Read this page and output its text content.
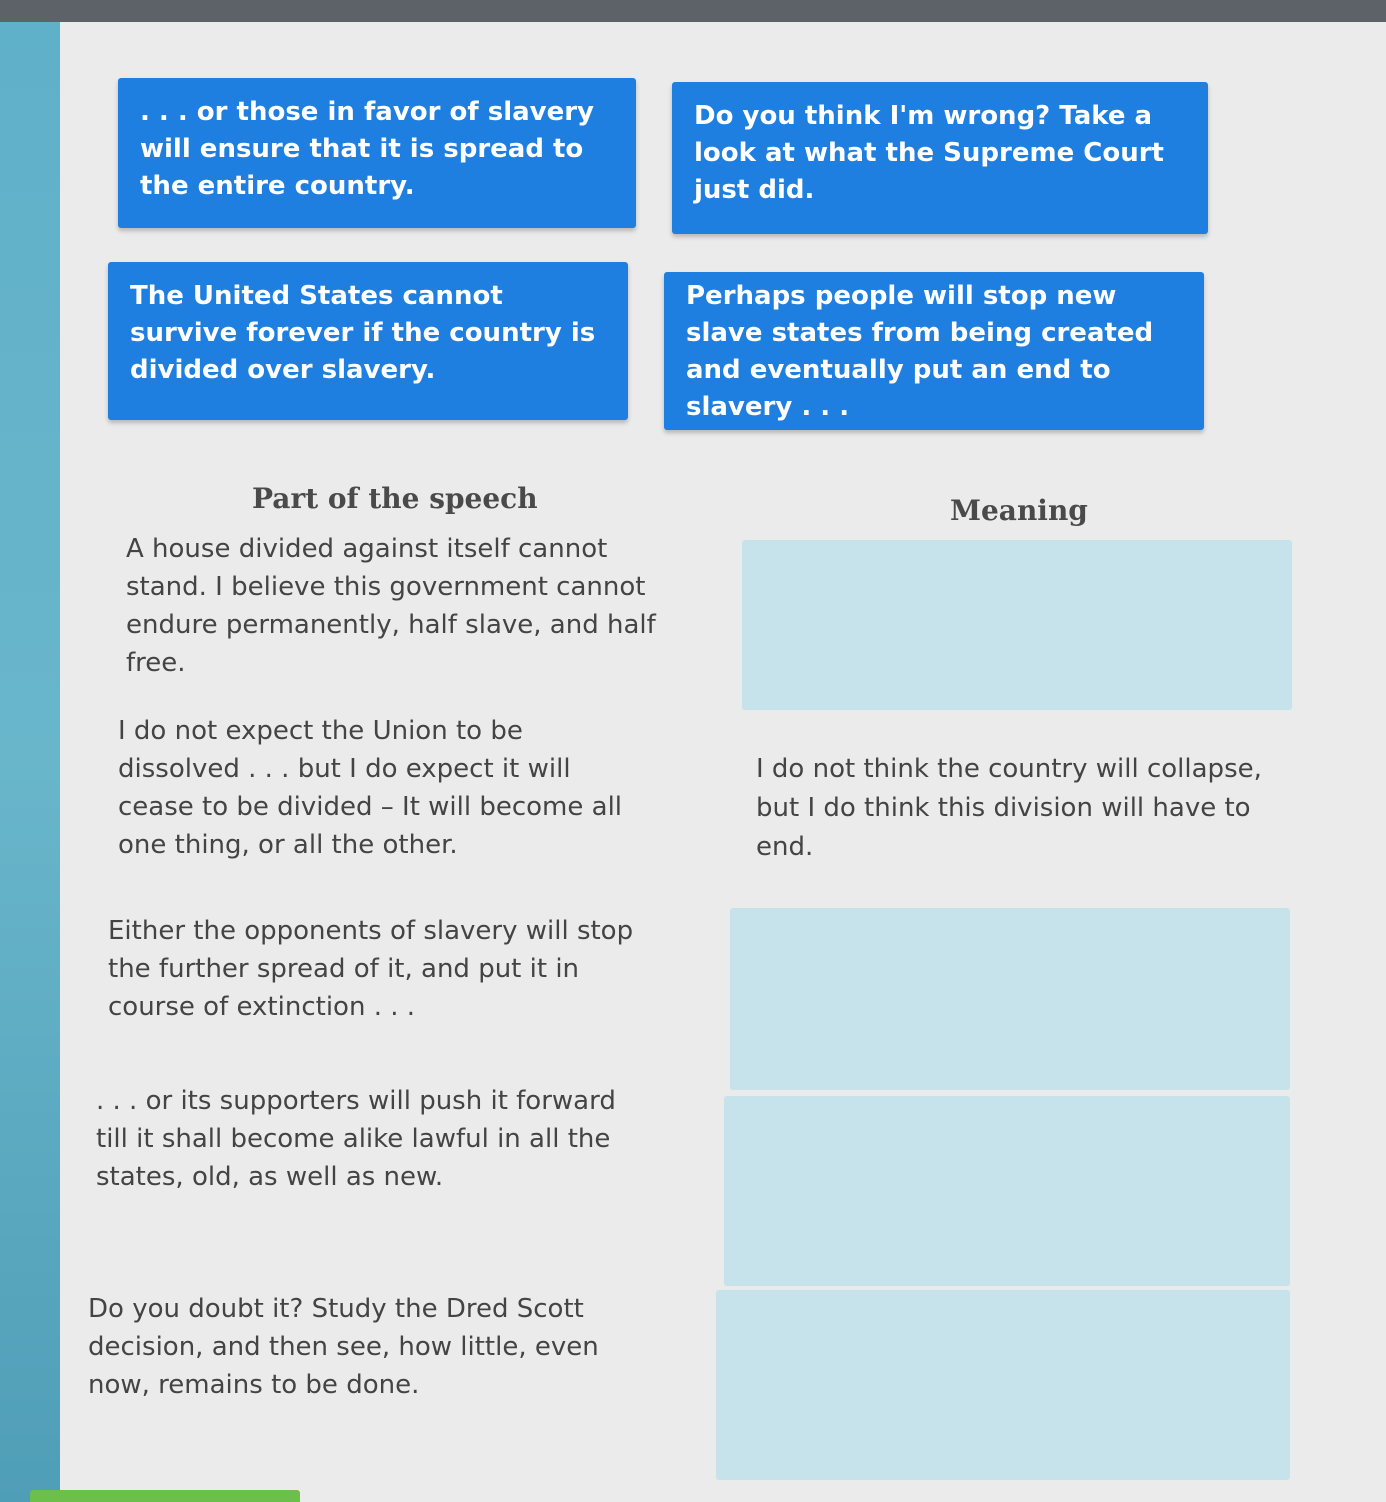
. . . or those in favor of slavery will ensure that it is spread to the entire country.
Do you think I'm wrong? Take a look at what the Supreme Court just did.
The United States cannot survive forever if the country is divided over slavery.
Perhaps people will stop new slave states from being created and eventually put an end to slavery . . .
Part of the speech	Meaning
A house divided against itself cannot stand. I believe this government cannot endure permanently, half slave, and half free.
I do not expect the Union to be dissolved . . . but I do expect it will cease to be divided – It will become all one thing, or all the other.
I do not think the country will collapse, but I do think this division will have to end.
Either the opponents of slavery will stop the further spread of it, and put it in course of extinction . . .
. . . or its supporters will push it forward till it shall become alike lawful in all the states, old, as well as new.
Do you doubt it? Study the Dred Scott decision, and then see, how little, even now, remains to be done.
